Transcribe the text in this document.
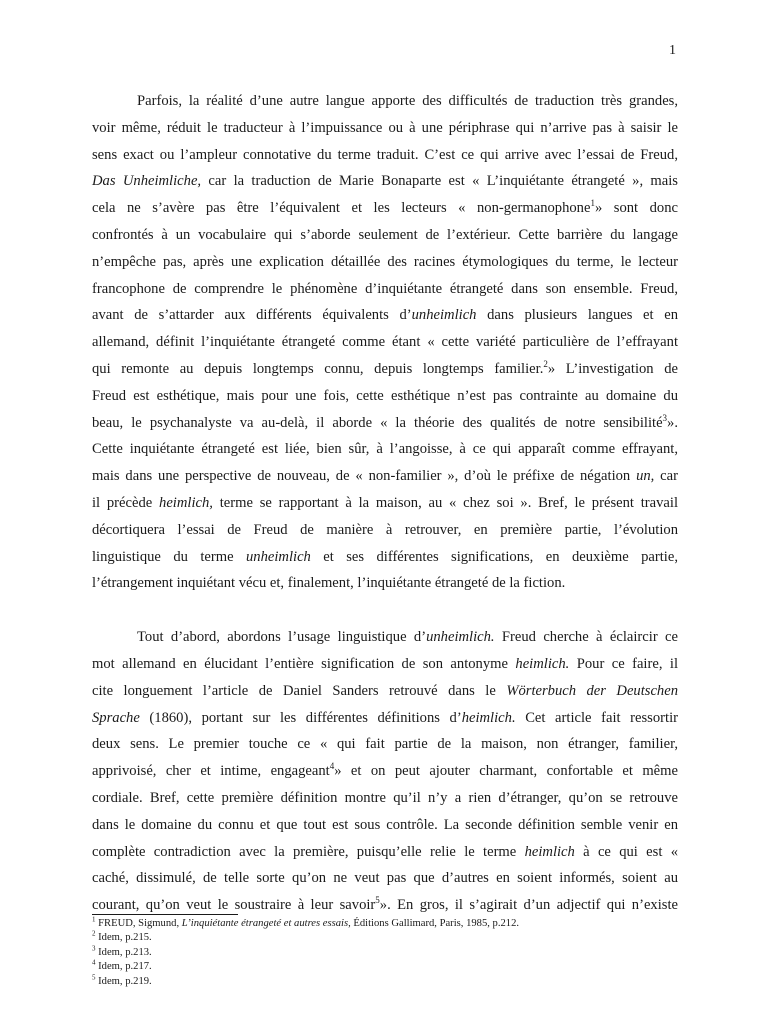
1
Parfois, la réalité d’une autre langue apporte des difficultés de traduction très grandes,
voir même, réduit le traducteur à l’impuissance ou à une périphrase qui n’arrive pas à saisir le
sens exact ou l’ampleur connotative du terme traduit. C’est ce qui arrive avec l’essai de Freud,
Das Unheimliche, car la traduction de Marie Bonaparte est « L’inquiétante étrangeté », mais
cela ne s’avère pas être l’équivalent et les lecteurs « non-germanophone$^1$» sont donc
confrontés à un vocabulaire qui s’aborde seulement de l’extérieur. Cette barrière du langage
n’empêche pas, après une explication détaillée des racines étymologiques du terme, le lecteur
francophone de comprendre le phénomène d’inquiétante étrangeté dans son ensemble. Freud,
avant de s’attarder aux différents équivalents d’unheimlich dans plusieurs langues et en
allemand, définit l’inquiétante étrangeté comme étant « cette variété particulière de l’effrayant
qui remonte au depuis longtemps connu, depuis longtemps familier.$^2$» L’investigation de
Freud est esthétique, mais pour une fois, cette esthétique n’est pas contrainte au domaine du
beau, le psychanalyste va au-delà, il aborde « la théorie des qualités de notre sensibilité$^3$».
Cette inquiétante étrangeté est liée, bien sûr, à l’angoisse, à ce qui apparaît comme effrayant,
mais dans une perspective de nouveau, de « non-familier », d’où le préfixe de négation un, car
il précède heimlich, terme se rapportant à la maison, au « chez soi ». Bref, le présent travail
décortiquera l’essai de Freud de manière à retrouver, en première partie, l’évolution
linguistique du terme unheimlich et ses différentes significations, en deuxième partie,
l’étrangement inquiétant vécu et, finalement, l’inquiétante étrangeté de la fiction.
Tout d’abord, abordons l’usage linguistique d’unheimlich. Freud cherche à éclaircir ce
mot allemand en élucidant l’entière signification de son antonyme heimlich. Pour ce faire, il
cite longuement l’article de Daniel Sanders retrouvé dans le Wörterbuch der Deutschen
Sprache (1860), portant sur les différentes définitions d’heimlich. Cet article fait ressortir
deux sens. Le premier touche ce « qui fait partie de la maison, non étranger, familier,
apprivoisé, cher et intime, engageant$^4$» et on peut ajouter charmant, confortable et même
cordiale. Bref, cette première définition montre qu’il n’y a rien d’étranger, qu’on se retrouve
dans le domaine du connu et que tout est sous contrôle. La seconde définition semble venir en
complète contradiction avec la première, puisqu’elle relie le terme heimlich à ce qui est «
caché, dissimulé, de telle sorte qu’on ne veut pas que d’autres en soient informés, soient au
courant, qu’on veut le soustraire à leur savoir$^5$». En gros, il s’agirait d’un adjectif qui n’existe
$^1$ FREUD, Sigmund, L’inquiétante étrangeté et autres essais, Éditions Gallimard, Paris, 1985, p.212.
$^2$ Idem, p.215.
$^3$ Idem, p.213.
$^4$ Idem, p.217.
$^5$ Idem, p.219.
